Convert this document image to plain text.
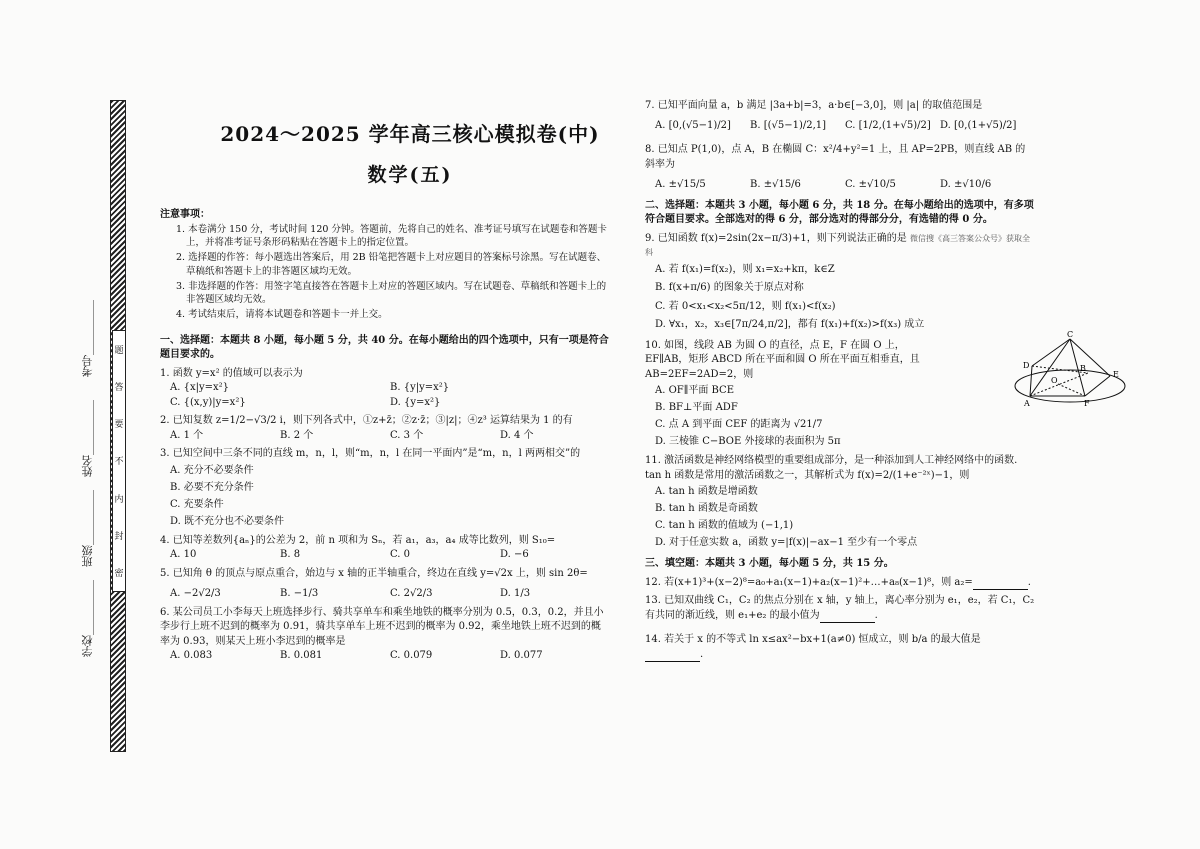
题
答
要
不
内
封
密
学校__________
班级__________
姓名__________
考号__________
2024～2025 学年高三核心模拟卷(中)
数学(五)
注意事项：

1. 本卷满分 150 分，考试时间 120 分钟。答题前，先将自己的姓名、准考证号填写在试题卷和答题卡上，并将准考证号条形码粘贴在答题卡上的指定位置。

2. 选择题的作答：每小题选出答案后，用 2B 铅笔把答题卡上对应题目的答案标号涂黑。写在试题卷、草稿纸和答题卡上的非答题区域均无效。

3. 非选择题的作答：用签字笔直接答在答题卡上对应的答题区域内。写在试题卷、草稿纸和答题卡上的非答题区域均无效。

4. 考试结束后，请将本试题卷和答题卡一并上交。

一、选择题：本题共 8 小题，每小题 5 分，共 40 分。在每小题给出的四个选项中，只有一项是符合题目要求的。
1. 函数 y=x² 的值域可以表示为
A. {x|y=x²}	B. {y|y=x²}
C. {(x,y)|y=x²}	D. {y=x²}
2. 已知复数 z=1/2−√3/2 i，则下列各式中，①z+z̄；②z·z̄；③|z|；④z³ 运算结果为 1 的有
A. 1 个	B. 2 个	C. 3 个	D. 4 个
3. 已知空间中三条不同的直线 m，n，l，则“m，n，l 在同一平面内”是“m，n，l 两两相交”的
A. 充分不必要条件
B. 必要不充分条件
C. 充要条件
D. 既不充分也不必要条件
4. 已知等差数列{aₙ}的公差为 2，前 n 项和为 Sₙ，若 a₁，a₃，a₄ 成等比数列，则 S₁₀=
A. 10	B. 8	C. 0	D. −6
5. 已知角 θ 的顶点与原点重合，始边与 x 轴的正半轴重合，终边在直线 y=√2x 上，则 sin 2θ=
A. −2√2/3	B. −1/3	C. 2√2/3	D. 1/3
6. 某公司员工小李每天上班选择步行、骑共享单车和乘坐地铁的概率分别为 0.5，0.3，0.2，并且小李步行上班不迟到的概率为 0.91，骑共享单车上班不迟到的概率为 0.92，乘坐地铁上班不迟到的概率为 0.93，则某天上班小李迟到的概率是
A. 0.083	B. 0.081	C. 0.079	D. 0.077
7. 已知平面向量 a，b 满足 |3a+b|=3，a·b∈[−3,0]，则 |a| 的取值范围是
A. [0,(√5−1)/2]	B. [(√5−1)/2,1]	C. [1/2,(1+√5)/2] D. [0,(1+√5)/2]
8. 已知点 P(1,0)，点 A，B 在椭圆 C：x²/4+y²=1 上，且 AP=2PB，则直线 AB 的斜率为
A. ±√15/5	B. ±√15/6	C. ±√10/5	D. ±√10/6
二、选择题：本题共 3 小题，每小题 6 分，共 18 分。在每小题给出的选项中，有多项符合题目要求。全部选对的得 6 分，部分选对的得部分分，有选错的得 0 分。
9. 已知函数 f(x)=2sin(2x−π/3)+1，则下列说法正确的是 微信搜《高三答案公众号》获取全科
A. 若 f(x₁)=f(x₂)，则 x₁=x₂+kπ，k∈Z
B. f(x+π/6) 的图象关于原点对称
C. 若 0<x₁<x₂<5π/12，则 f(x₁)<f(x₂)
D. ∀x₁，x₂，x₃∈[7π/24,π/2]，都有 f(x₁)+f(x₂)>f(x₃) 成立
10. 如图，线段 AB 为圆 O 的直径，点 E，F 在圆 O 上，EF∥AB，矩形 ABCD 所在平面和圆 O 所在平面互相垂直，且 AB=2EF=2AD=2，则
A. OF∥平面 BCE
B. BF⊥平面 ADF
C. 点 A 到平面 CEF 的距离为 √21/7
D. 三棱锥 C−BOE 外接球的表面积为 5π
C
D	B
O
E
A	F
11. 激活函数是神经网络模型的重要组成部分，是一种添加到人工神经网络中的函数. tan h 函数是常用的激活函数之一，其解析式为 f(x)=2/(1+e⁻²ˣ)−1，则
A. tan h 函数是增函数
B. tan h 函数是奇函数
C. tan h 函数的值域为 (−1,1)
D. 对于任意实数 a，函数 y=|f(x)|−ax−1 至少有一个零点
三、填空题：本题共 3 小题，每小题 5 分，共 15 分。
12. 若(x+1)³+(x−2)⁸=a₀+a₁(x−1)+a₂(x−1)²+…+a₈(x−1)⁸，则 a₂=	.
13. 已知双曲线 C₁，C₂ 的焦点分别在 x 轴，y 轴上，离心率分别为 e₁，e₂，若 C₁，C₂ 有共同的渐近线，则 e₁+e₂ 的最小值为	.
14. 若关于 x 的不等式 ln x≤ax²−bx+1(a≠0) 恒成立，则 b/a 的最大值是.
